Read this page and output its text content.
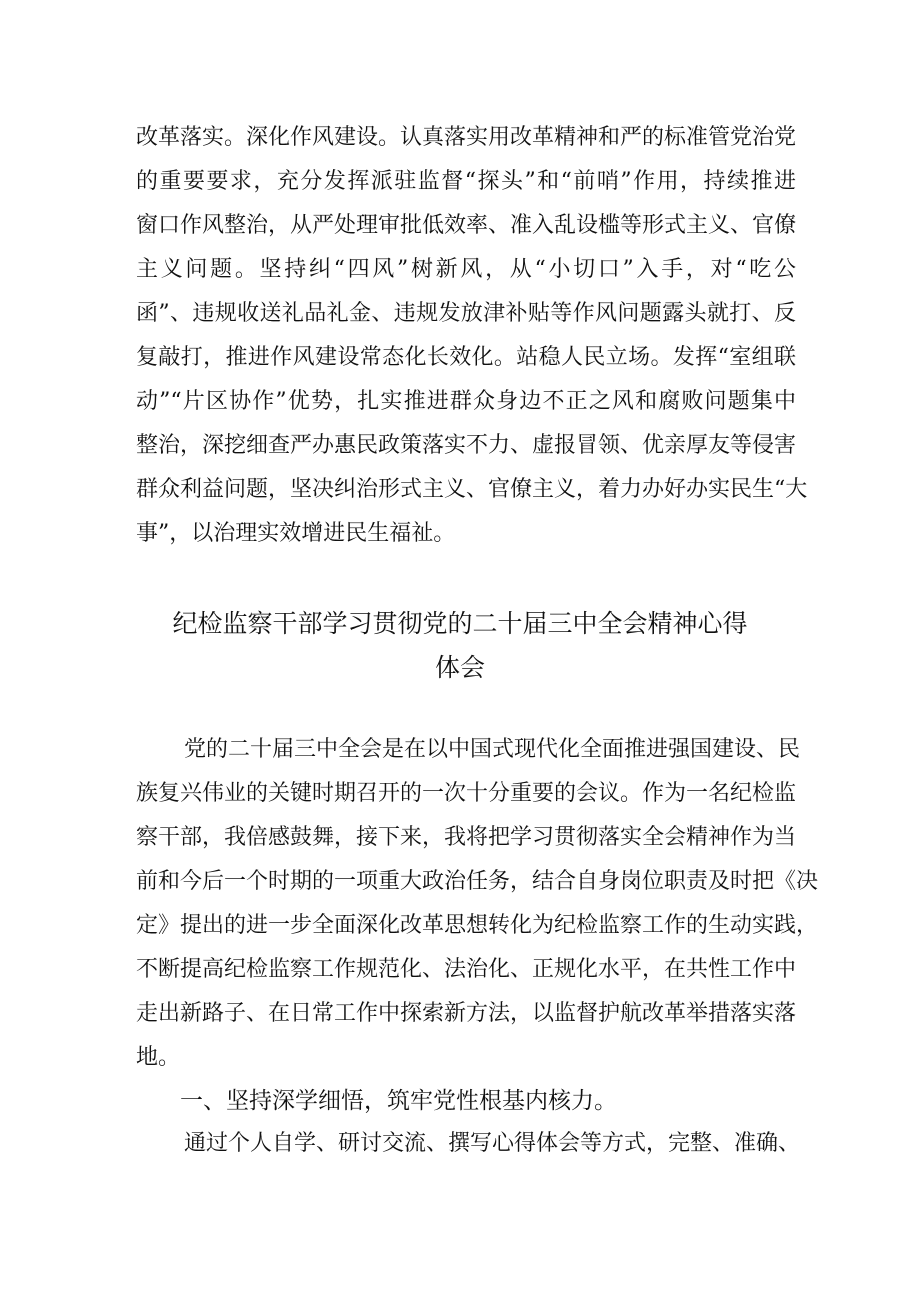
改革落实。深化作风建设。认真落实用改革精神和严的标准管党治党
的重要要求，充分发挥派驻监督“探头”和“前哨”作用，持续推进
窗口作风整治，从严处理审批低效率、准入乱设槛等形式主义、官僚
主义问题。坚持纠“四风”树新风，从“小切口”入手，对“吃公
函”、违规收送礼品礼金、违规发放津补贴等作风问题露头就打、反
复敲打，推进作风建设常态化长效化。站稳人民立场。发挥“室组联
动”“片区协作”优势，扎实推进群众身边不正之风和腐败问题集中
整治，深挖细查严办惠民政策落实不力、虚报冒领、优亲厚友等侵害
群众利益问题，坚决纠治形式主义、官僚主义，着力办好办实民生“大
事”，以治理实效增进民生福祉。
纪检监察干部学习贯彻党的二十届三中全会精神心得
体会
党的二十届三中全会是在以中国式现代化全面推进强国建设、民
族复兴伟业的关键时期召开的一次十分重要的会议。作为一名纪检监
察干部，我倍感鼓舞，接下来，我将把学习贯彻落实全会精神作为当
前和今后一个时期的一项重大政治任务，结合自身岗位职责及时把《决
定》提出的进一步全面深化改革思想转化为纪检监察工作的生动实践，
不断提高纪检监察工作规范化、法治化、正规化水平，在共性工作中
走出新路子、在日常工作中探索新方法，以监督护航改革举措落实落
地。
一、坚持深学细悟，筑牢党性根基内核力。
通过个人自学、研讨交流、撰写心得体会等方式，完整、准确、
